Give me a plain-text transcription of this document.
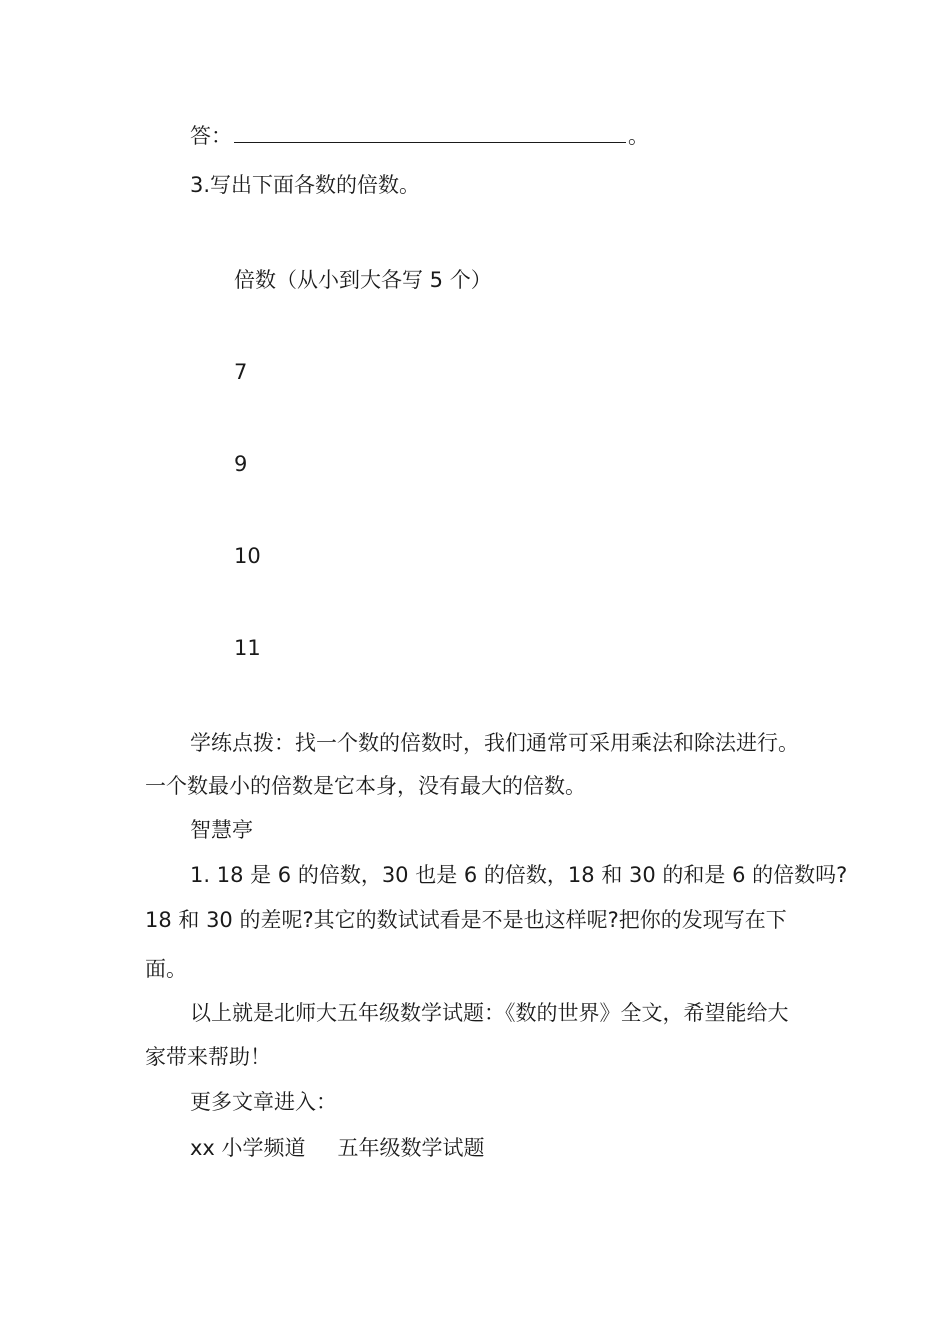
答：	。
3.写出下面各数的倍数。
倍数（从小到大各写 5 个）
7
9
10
11
学练点拨：找一个数的倍数时，我们通常可采用乘法和除法进行。
一个数最小的倍数是它本身，没有最大的倍数。
智慧亭
1. 18 是 6 的倍数，30 也是 6 的倍数，18 和 30 的和是 6 的倍数吗?
18 和 30 的差呢?其它的数试试看是不是也这样呢?把你的发现写在下
面。
以上就是北师大五年级数学试题：《数的世界》全文，希望能给大
家带来帮助！
更多文章进入：
xx 小学频道 五年级数学试题
